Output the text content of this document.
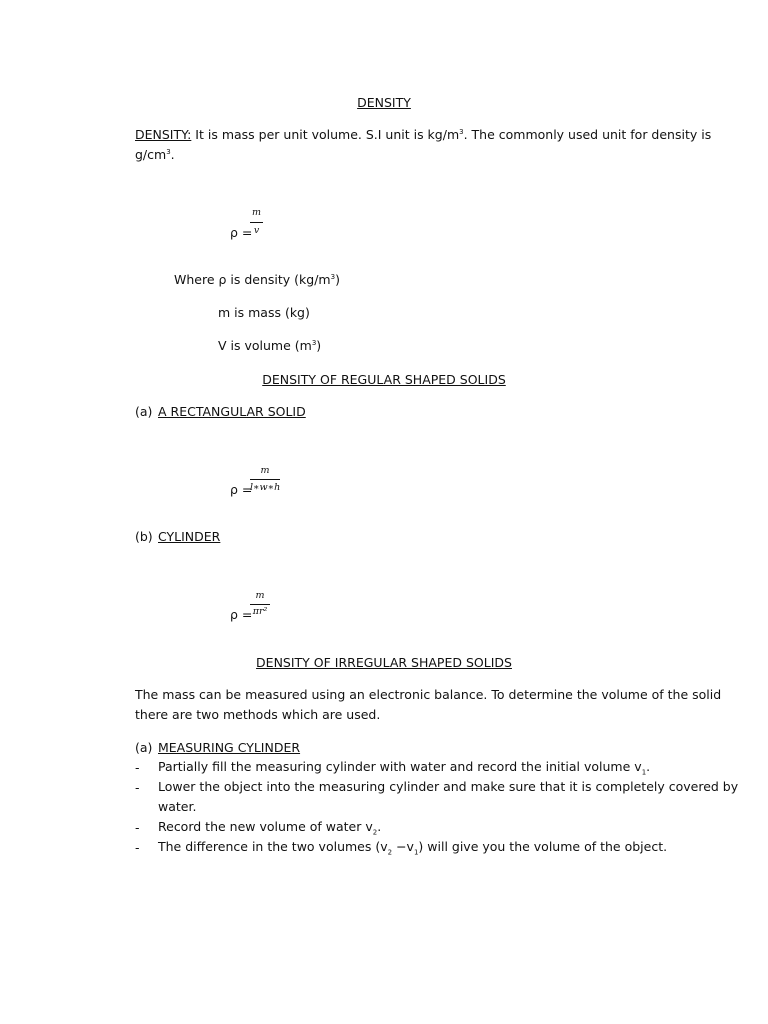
DENSITY
DENSITY: It is mass per unit volume. S.I unit is $kg/m^3$. The commonly used unit for density is
$g/cm^3$.
ρ =
m
v
Where ρ is density $(kg/m^3)$
m is mass (kg)
V is volume $(m^3)$
DENSITY OF REGULAR SHAPED SOLIDS
(a) A RECTANGULAR SOLID
ρ =
m
l∗w∗h
(b) CYLINDER
ρ =
m
πr²
DENSITY OF IRREGULAR SHAPED SOLIDS
The mass can be measured using an electronic balance. To determine the volume of the solid
there are two methods which are used.
(a) MEASURING CYLINDER
- Partially fill the measuring cylinder with water and record the initial volume $v_1$.
- Lower the object into the measuring cylinder and make sure that it is completely covered by
water.
- Record the new volume of water $v_2$.
- The difference in the two volumes $(v_2 -v_1)$ will give you the volume of the object.
